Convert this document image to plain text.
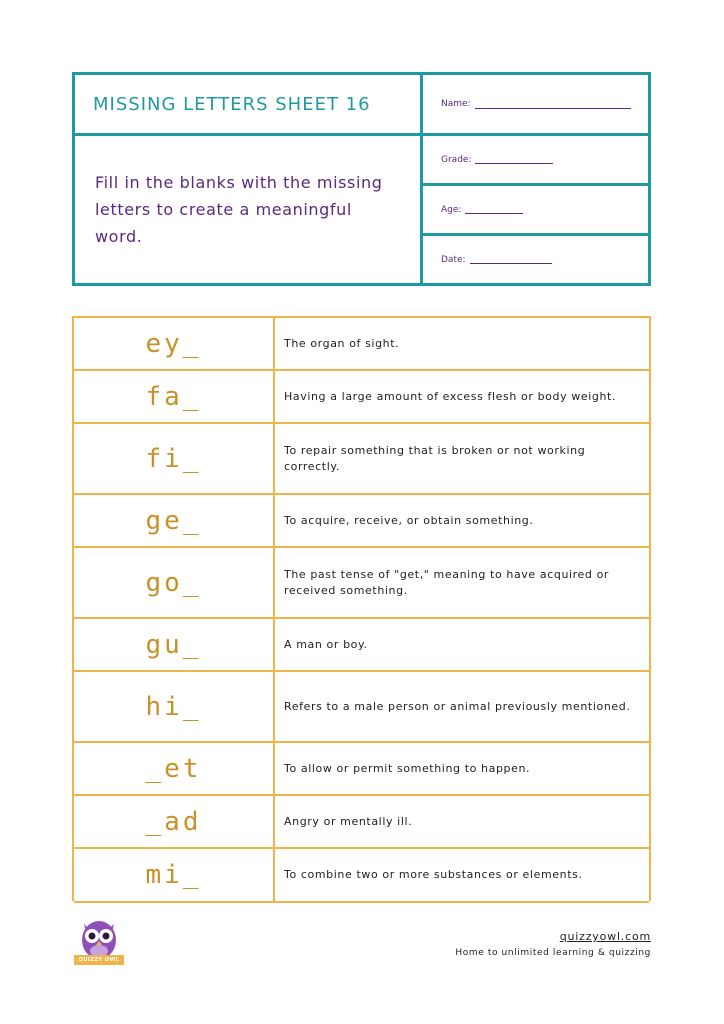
MISSING LETTERS SHEET 16
Fill in the blanks with the missing letters to create a meaningful word.
Name:
Grade:
Age:
Date:
ey_	The organ of sight.
fa_	Having a large amount of excess flesh or body weight.
fi_	To repair something that is broken or not working correctly.
ge_	To acquire, receive, or obtain something.
go_	The past tense of "get," meaning to have acquired or received something.
gu_	A man or boy.
hi_	Refers to a male person or animal previously mentioned.
_et	To allow or permit something to happen.
_ad	Angry or mentally ill.
mi_	To combine two or more substances or elements.
QUIZZY OWL
quizzyowl.com
Home to unlimited learning & quizzing
